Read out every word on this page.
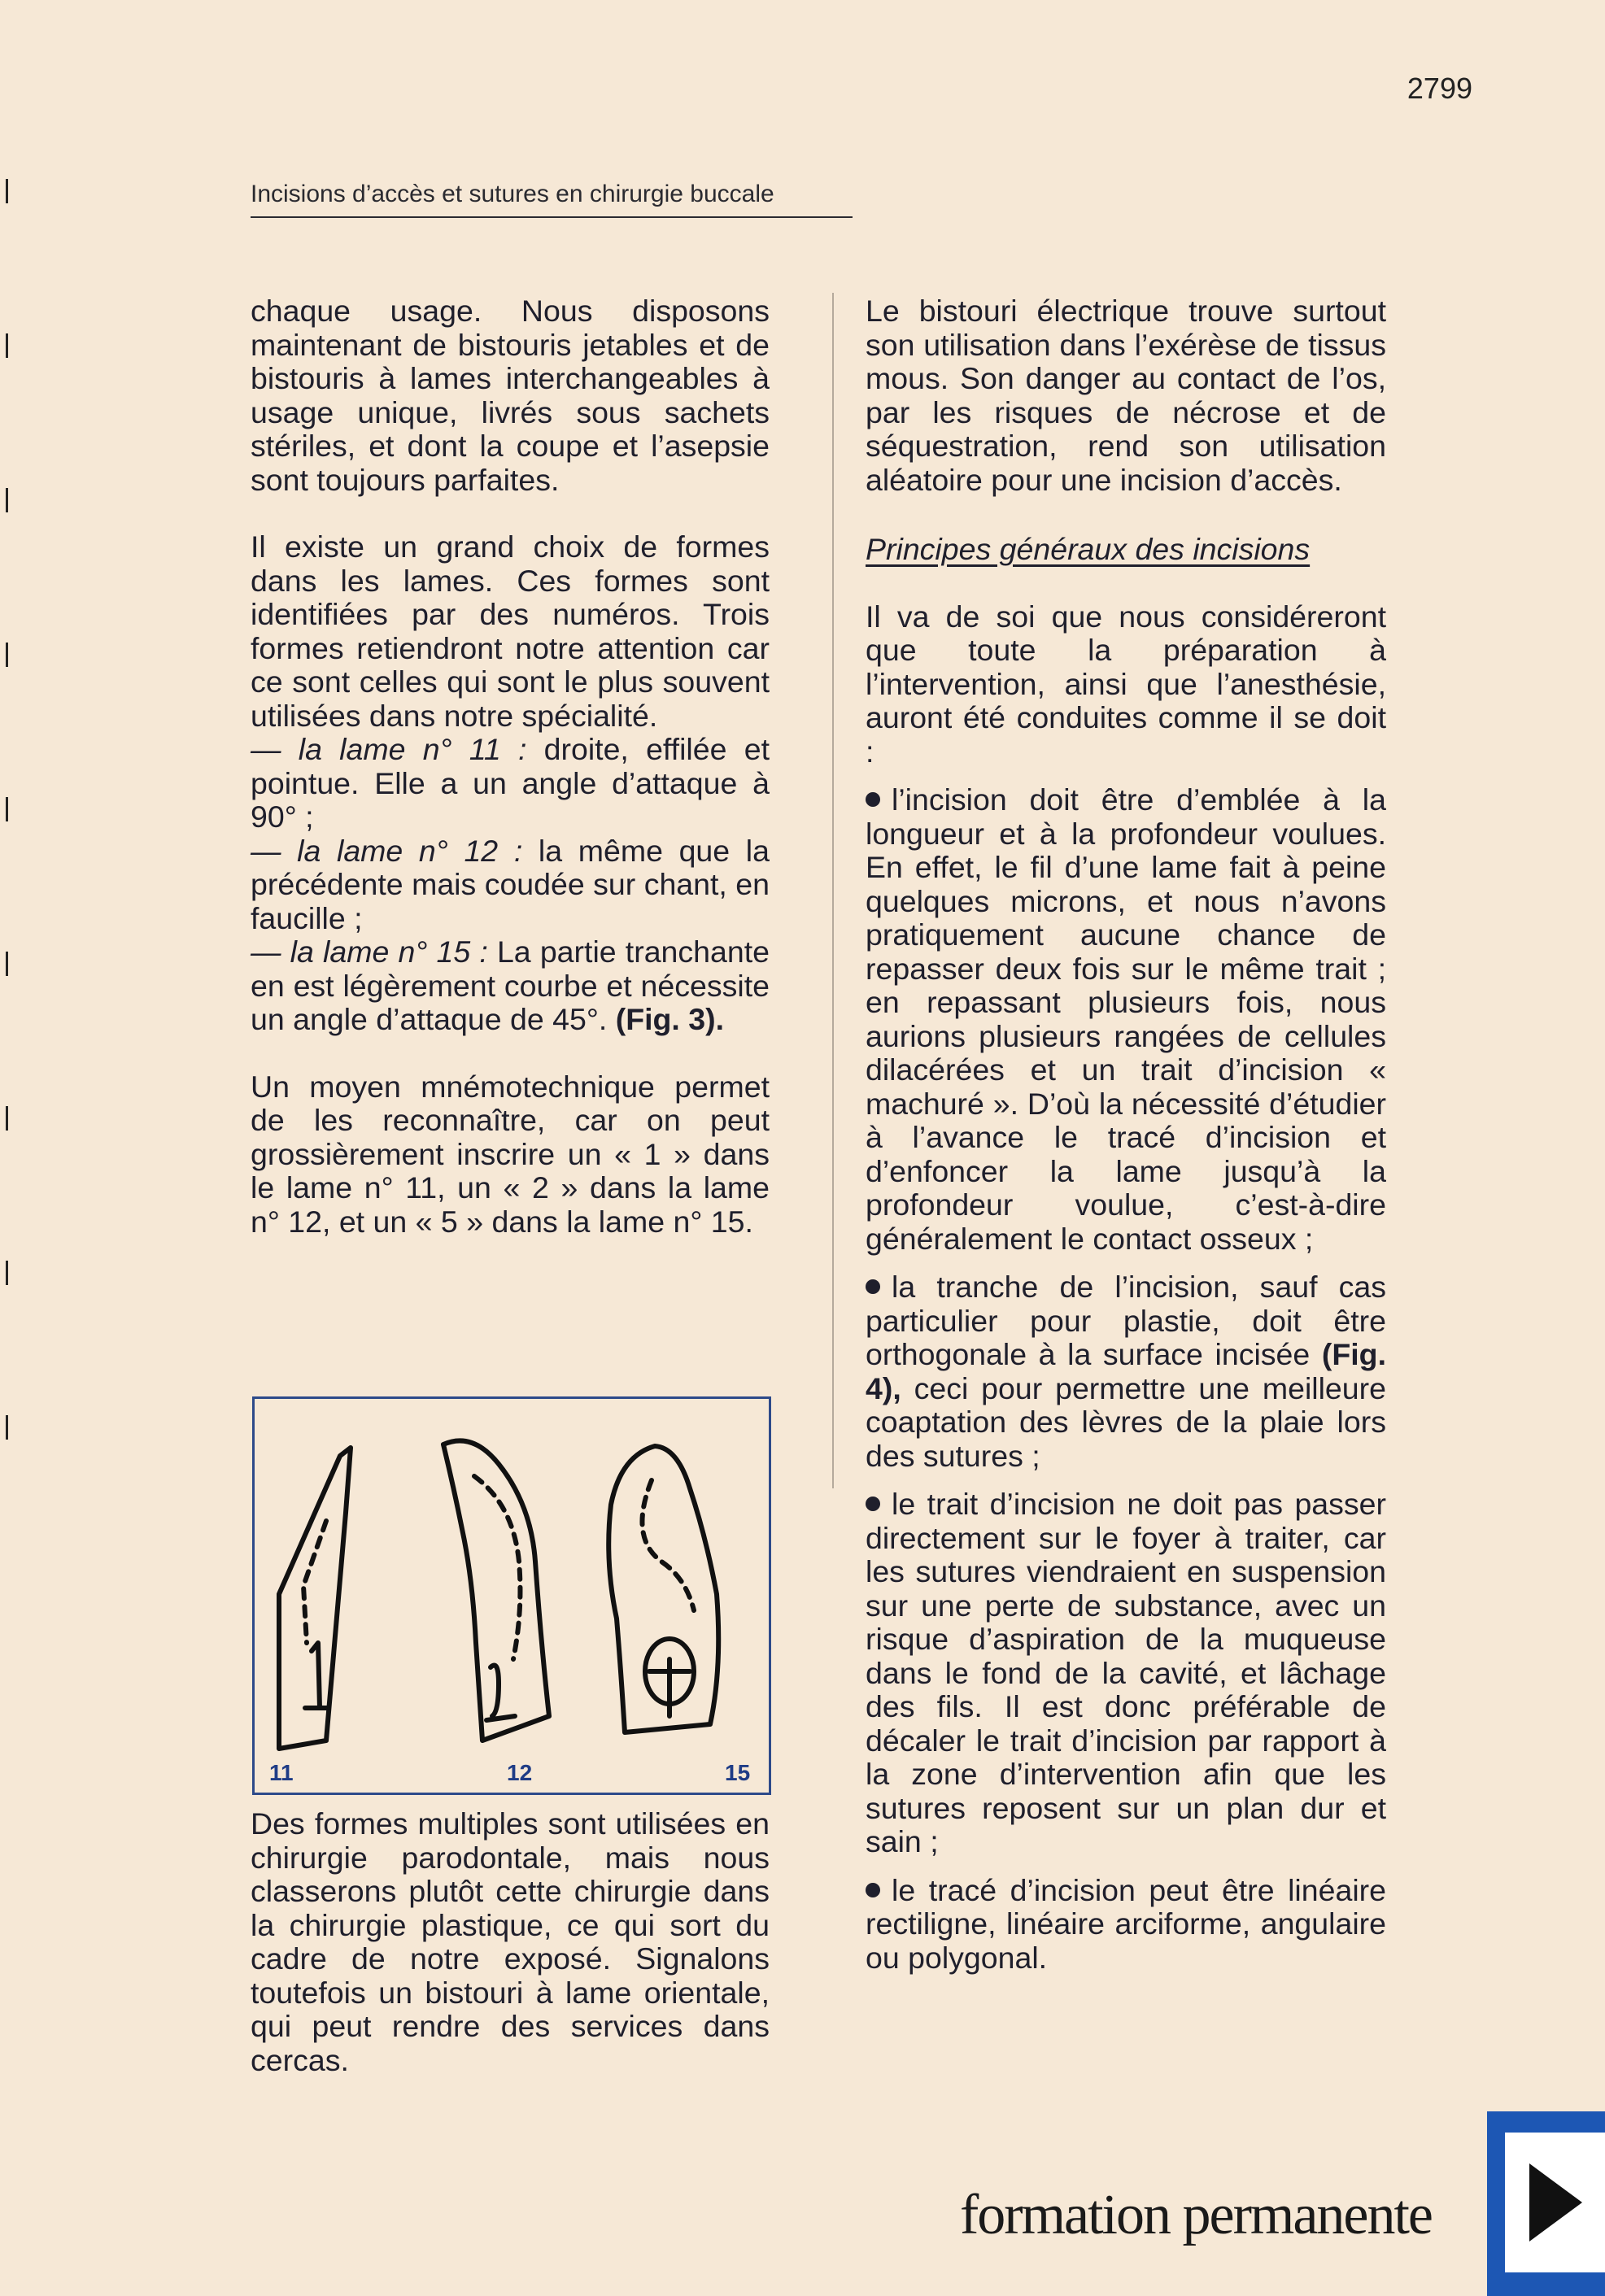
2799
Incisions d’accès et sutures en chirurgie buccale

chaque usage. Nous disposons maintenant de bistouris jetables et de bistouris à lames interchangeables à usage unique, livrés sous sachets stériles, et dont la coupe et l’asepsie sont toujours parfaites.

Il existe un grand choix de formes dans les lames. Ces formes sont identifiées par des numéros. Trois formes retiendront notre attention car ce sont celles qui sont le plus souvent utilisées dans notre spécialité.

— la lame n° 11 : droite, effilée et pointue. Elle a un angle d’attaque à 90° ;

— la lame n° 12 : la même que la précédente mais coudée sur chant, en faucille ;

— la lame n° 15 : La partie tranchante en est légèrement courbe et nécessite un angle d’attaque de 45°. (Fig. 3).

Un moyen mnémotechnique permet de les reconnaître, car on peut grossièrement inscrire un « 1 » dans le lame n° 11, un « 2 » dans la lame n° 12, et un « 5 » dans la lame n° 15.

11	12	15

Des formes multiples sont utilisées en chirurgie parodontale, mais nous classerons plutôt cette chirurgie dans la chirurgie plastique, ce qui sort du cadre de notre exposé. Signalons toutefois un bistouri à lame orientale, qui peut rendre des services dans cercas.

Le bistouri électrique trouve surtout son utilisation dans l’exérèse de tissus mous. Son danger au contact de l’os, par les risques de nécrose et de séquestration, rend son utilisation aléatoire pour une incision d’accès.

Principes généraux des incisions

Il va de soi que nous considéreront que toute la préparation à l’intervention, ainsi que l’anesthésie, auront été conduites comme il se doit :

l’incision doit être d’emblée à la longueur et à la profondeur voulues. En effet, le fil d’une lame fait à peine quelques microns, et nous n’avons pratiquement aucune chance de repasser deux fois sur le même trait ; en repassant plusieurs fois, nous aurions plusieurs rangées de cellules dilacérées et un trait d’incision « machuré ». D’où la nécessité d’étudier à l’avance le tracé d’incision et d’enfoncer la lame jusqu’à la profondeur voulue, c’est-à-dire généralement le contact osseux ;

la tranche de l’incision, sauf cas particulier pour plastie, doit être orthogonale à la surface incisée (Fig. 4), ceci pour permettre une meilleure coaptation des lèvres de la plaie lors des sutures ;

le trait d’incision ne doit pas passer directement sur le foyer à traiter, car les sutures viendraient en suspension sur une perte de substance, avec un risque d’aspiration de la muqueuse dans le fond de la cavité, et lâchage des fils. Il est donc préférable de décaler le trait d’incision par rapport à la zone d’intervention afin que les sutures reposent sur un plan dur et sain ;

le tracé d’incision peut être linéaire rectiligne, linéaire arciforme, angulaire ou polygonal.

formation permanente
